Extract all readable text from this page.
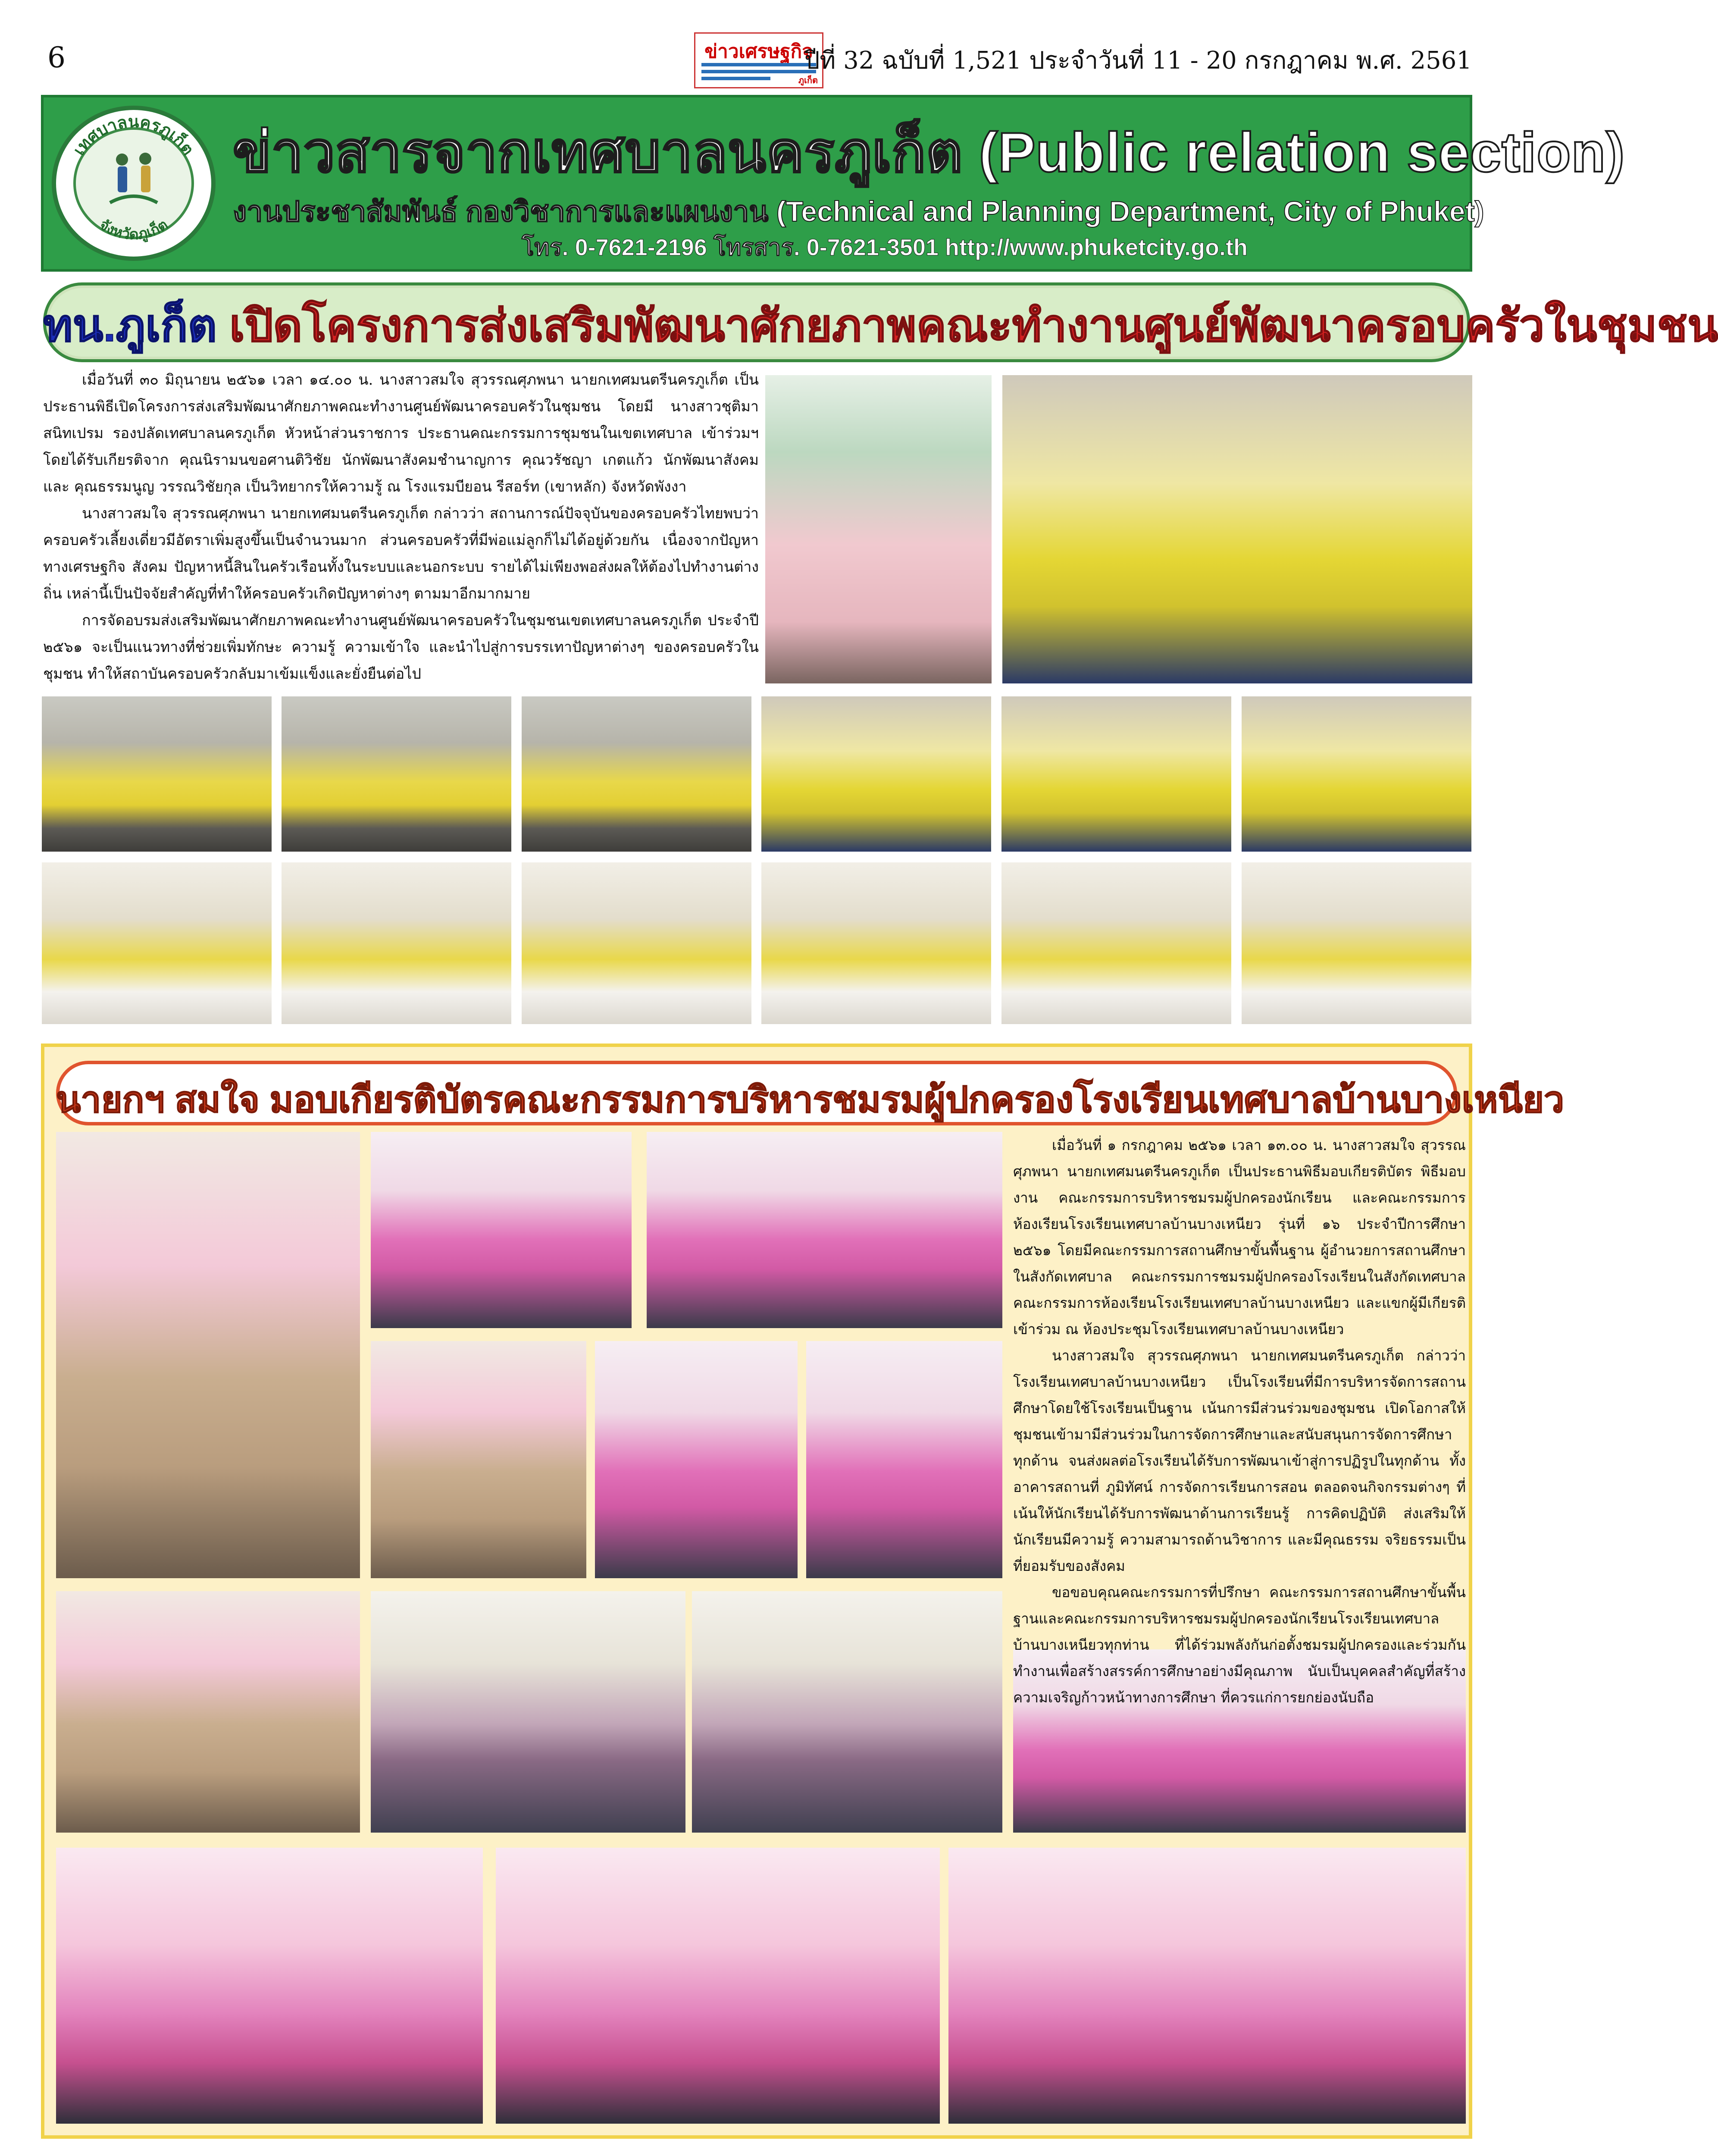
6	ข่าวเศรษฐกิจ
ภูเก็ต
ปีที่ 32 ฉบับที่ 1,521 ประจำวันที่ 11 - 20 กรกฎาคม พ.ศ. 2561
เทศบาลนครภูเก็ต
จังหวัดภูเก็ต
ข่าวสารจากเทศบาลนครภูเก็ต (Public relation section)
งานประชาสัมพันธ์ กองวิชาการและแผนงาน (Technical and Planning Department, City of Phuket)
โทร. 0-7621-2196 โทรสาร. 0-7621-3501 http://www.phuketcity.go.th
ทน.ภูเก็ต เปิดโครงการส่งเสริมพัฒนาศักยภาพคณะทำงานศูนย์พัฒนาครอบครัวในชุมชน

เมื่อวันที่ ๓๐ มิถุนายน ๒๕๖๑ เวลา ๑๔.๐๐ น. นางสาวสมใจ สุวรรณศุภพนา นายกเทศมนตรีนครภูเก็ต เป็นประธานพิธีเปิดโครงการส่งเสริมพัฒนาศักยภาพคณะทำงานศูนย์พัฒนาครอบครัวในชุมชน โดยมี นางสาวชุติมา สนิทเปรม รองปลัดเทศบาลนครภูเก็ต หัวหน้าส่วนราชการ ประธานคณะกรรมการชุมชนในเขตเทศบาล เข้าร่วมฯ โดยได้รับเกียรติจาก คุณนิรามนขอศานติวิชัย นักพัฒนาสังคมชำนาญการ คุณวรัชญา เกตแก้ว นักพัฒนาสังคม และ คุณธรรมนูญ วรรณวิชัยกุล เป็นวิทยากรให้ความรู้ ณ โรงแรมบียอน รีสอร์ท (เขาหลัก) จังหวัดพังงา

นางสาวสมใจ สุวรรณศุภพนา นายกเทศมนตรีนครภูเก็ต กล่าวว่า สถานการณ์ปัจจุบันของครอบครัวไทยพบว่าครอบครัวเลี้ยงเดี่ยวมีอัตราเพิ่มสูงขึ้นเป็นจำนวนมาก ส่วนครอบครัวที่มีพ่อแม่ลูกก็ไม่ได้อยู่ด้วยกัน เนื่องจากปัญหาทางเศรษฐกิจ สังคม ปัญหาหนี้สินในครัวเรือนทั้งในระบบและนอกระบบ รายได้ไม่เพียงพอส่งผลให้ต้องไปทำงานต่างถิ่น เหล่านี้เป็นปัจจัยสำคัญที่ทำให้ครอบครัวเกิดปัญหาต่างๆ ตามมาอีกมากมาย

การจัดอบรมส่งเสริมพัฒนาศักยภาพคณะทำงานศูนย์พัฒนาครอบครัวในชุมชนเขตเทศบาลนครภูเก็ต ประจำปี ๒๕๖๑ จะเป็นแนวทางที่ช่วยเพิ่มทักษะ ความรู้ ความเข้าใจ และนำไปสู่การบรรเทาปัญหาต่างๆ ของครอบครัวในชุมชน ทำให้สถาบันครอบครัวกลับมาเข้มแข็งและยั่งยืนต่อไป

นายกฯ สมใจ มอบเกียรติบัตรคณะกรรมการบริหารชมรมผู้ปกครองโรงเรียนเทศบาลบ้านบางเหนียว

เมื่อวันที่ ๑ กรกฎาคม ๒๕๖๑ เวลา ๑๓.๐๐ น. นางสาวสมใจ สุวรรณศุภพนา นายกเทศมนตรีนครภูเก็ต เป็นประธานพิธีมอบเกียรติบัตร พิธีมอบงาน คณะกรรมการบริหารชมรมผู้ปกครองนักเรียน และคณะกรรมการห้องเรียนโรงเรียนเทศบาลบ้านบางเหนียว รุ่นที่ ๑๖ ประจำปีการศึกษา ๒๕๖๑ โดยมีคณะกรรมการสถานศึกษาขั้นพื้นฐาน ผู้อำนวยการสถานศึกษาในสังกัดเทศบาล คณะกรรมการชมรมผู้ปกครองโรงเรียนในสังกัดเทศบาล คณะกรรมการห้องเรียนโรงเรียนเทศบาลบ้านบางเหนียว และแขกผู้มีเกียรติ เข้าร่วม ณ ห้องประชุมโรงเรียนเทศบาลบ้านบางเหนียว

นางสาวสมใจ สุวรรณศุภพนา นายกเทศมนตรีนครภูเก็ต กล่าวว่า โรงเรียนเทศบาลบ้านบางเหนียว เป็นโรงเรียนที่มีการบริหารจัดการสถานศึกษาโดยใช้โรงเรียนเป็นฐาน เน้นการมีส่วนร่วมของชุมชน เปิดโอกาสให้ชุมชนเข้ามามีส่วนร่วมในการจัดการศึกษาและสนับสนุนการจัดการศึกษาทุกด้าน จนส่งผลต่อโรงเรียนได้รับการพัฒนาเข้าสู่การปฏิรูปในทุกด้าน ทั้งอาคารสถานที่ ภูมิทัศน์ การจัดการเรียนการสอน ตลอดจนกิจกรรมต่างๆ ที่เน้นให้นักเรียนได้รับการพัฒนาด้านการเรียนรู้ การคิดปฏิบัติ ส่งเสริมให้นักเรียนมีความรู้ ความสามารถด้านวิชาการ และมีคุณธรรม จริยธรรมเป็นที่ยอมรับของสังคม

ขอขอบคุณคณะกรรมการที่ปรึกษา คณะกรรมการสถานศึกษาขั้นพื้นฐานและคณะกรรมการบริหารชมรมผู้ปกครองนักเรียนโรงเรียนเทศบาลบ้านบางเหนียวทุกท่าน ที่ได้ร่วมพลังกันก่อตั้งชมรมผู้ปกครองและร่วมกันทำงานเพื่อสร้างสรรค์การศึกษาอย่างมีคุณภาพ นับเป็นบุคคลสำคัญที่สร้างความเจริญก้าวหน้าทางการศึกษา ที่ควรแก่การยกย่องนับถือ
